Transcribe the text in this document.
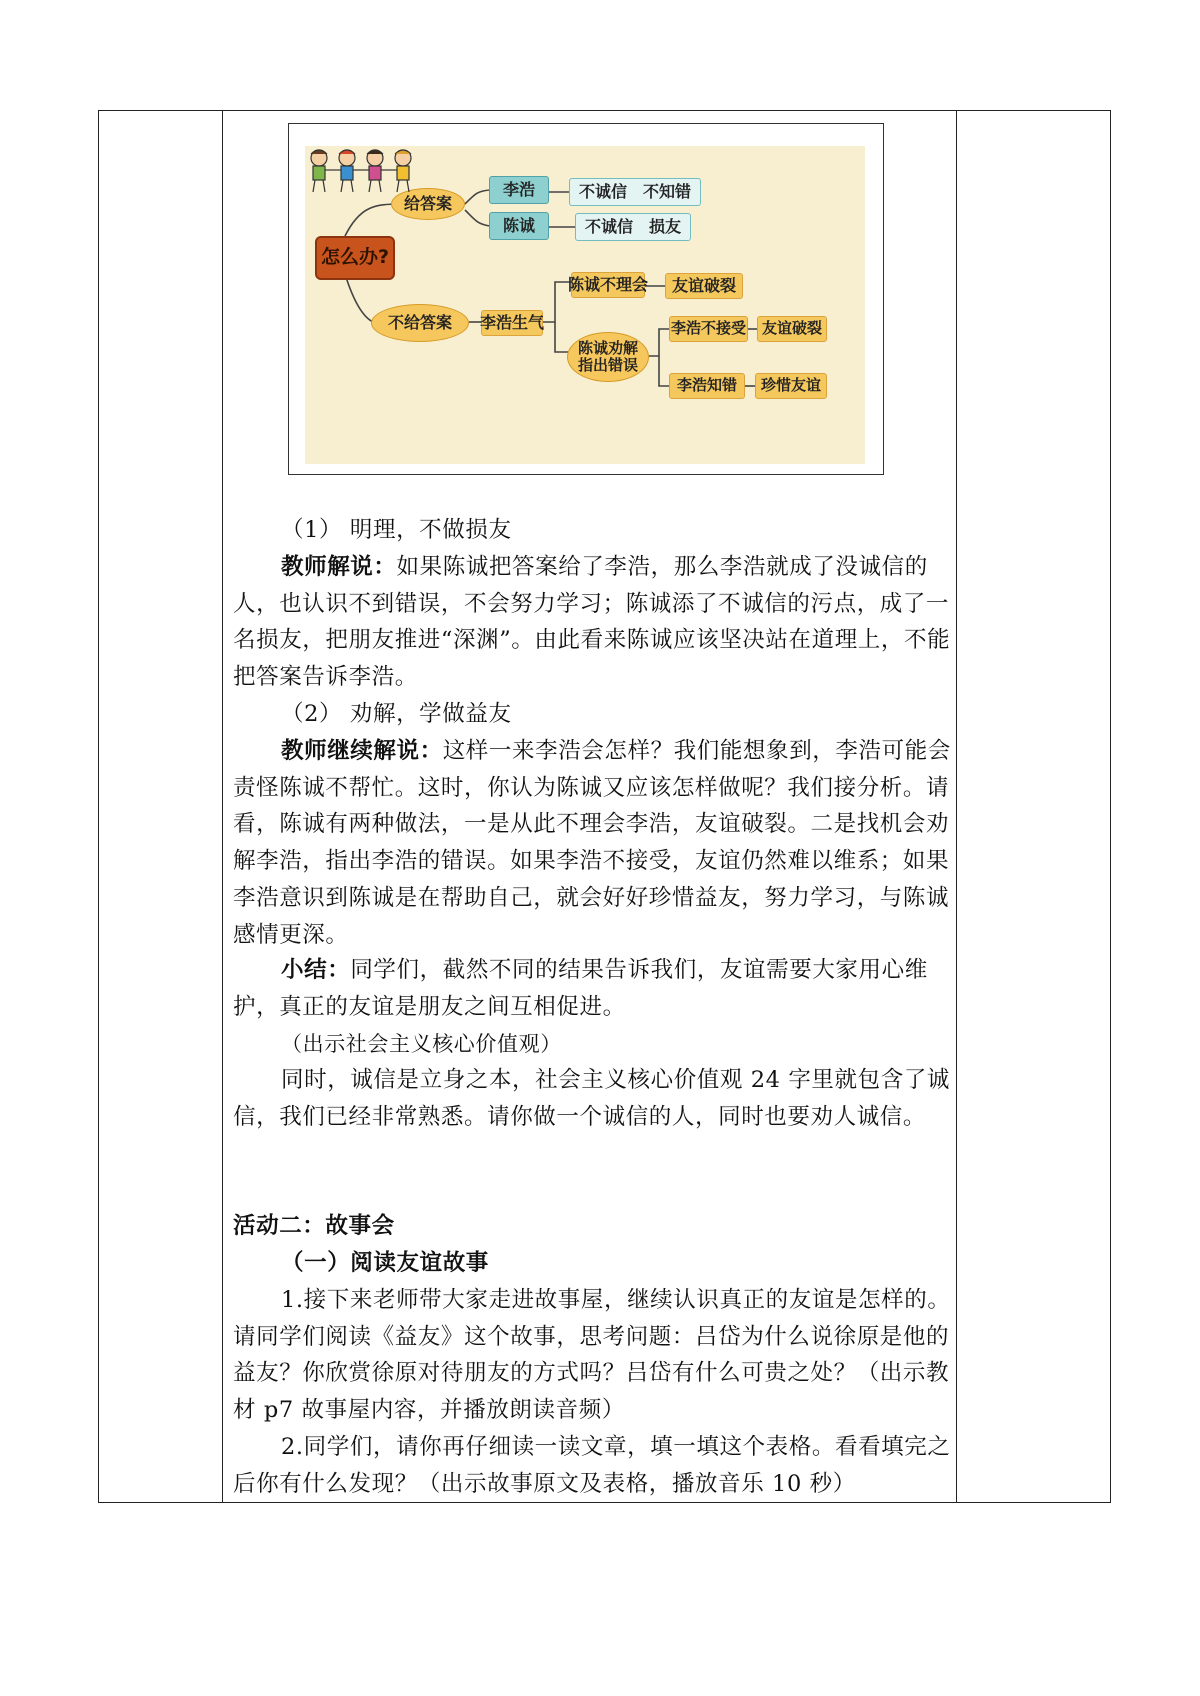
怎么办?
给答案
李浩
陈诚
不诚信　不知错
不诚信　损友
不给答案	李浩生气
陈诚不理会	友谊破裂
陈诚劝解
指出错误
李浩不接受	友谊破裂
李浩知错	珍惜友谊
（1） 明理，不做损友
教师解说：如果陈诚把答案给了李浩，那么李浩就成了没诚信的人，也认识不到错误，不会努力学习；陈诚添了不诚信的污点，成了一名损友，把朋友推进“深渊”。由此看来陈诚应该坚决站在道理上，不能把答案告诉李浩。
（2） 劝解，学做益友
教师继续解说：这样一来李浩会怎样？我们能想象到，李浩可能会责怪陈诚不帮忙。这时，你认为陈诚又应该怎样做呢？我们接分析。请看，陈诚有两种做法，一是从此不理会李浩，友谊破裂。二是找机会劝解李浩，指出李浩的错误。如果李浩不接受，友谊仍然难以维系；如果李浩意识到陈诚是在帮助自己，就会好好珍惜益友，努力学习，与陈诚感情更深。
小结：同学们，截然不同的结果告诉我们，友谊需要大家用心维护，真正的友谊是朋友之间互相促进。
（出示社会主义核心价值观）
同时，诚信是立身之本，社会主义核心价值观 24 字里就包含了诚信，我们已经非常熟悉。请你做一个诚信的人，同时也要劝人诚信。
活动二：故事会
（一）阅读友谊故事
1.接下来老师带大家走进故事屋，继续认识真正的友谊是怎样的。请同学们阅读《益友》这个故事，思考问题：吕岱为什么说徐原是他的益友？你欣赏徐原对待朋友的方式吗？吕岱有什么可贵之处？（出示教材 p7 故事屋内容，并播放朗读音频）
2.同学们，请你再仔细读一读文章，填一填这个表格。看看填完之后你有什么发现？（出示故事原文及表格，播放音乐 10 秒）
